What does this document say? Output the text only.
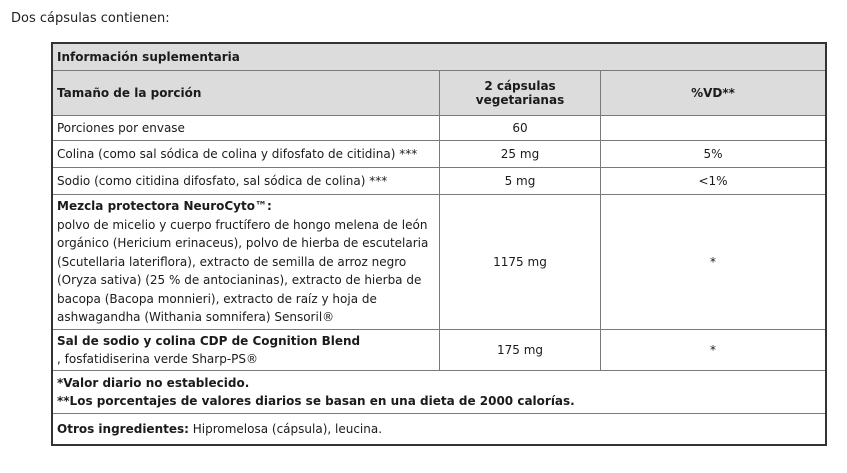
Dos cápsulas contienen:
Información suplementaria		
Tamaño de la porción	2 cápsulas vegetarianas	%VD**
Porciones por envase	60	
Colina (como sal sódica de colina y difosfato de citidina) ***	25 mg	5%
Sodio (como citidina difosfato, sal sódica de colina) ***	5 mg	<1%
Mezcla protectora NeuroCyto™:
polvo de micelio y cuerpo fructífero de hongo melena de león orgánico (Hericium erinaceus), polvo de hierba de escutelaria (Scutellaria lateriflora), extracto de semilla de arroz negro (Oryza sativa) (25 % de antocianinas), extracto de hierba de bacopa (Bacopa monnieri), extracto de raíz y hoja de ashwagandha (Withania somnifera) Sensoril®	1175 mg	*
Sal de sodio y colina CDP de Cognition Blend
, fosfatidiserina verde Sharp-PS®	175 mg	*
*Valor diario no establecido.
**Los porcentajes de valores diarios se basan en una dieta de 2000 calorías.		
Otros ingredientes: Hipromelosa (cápsula), leucina.		
